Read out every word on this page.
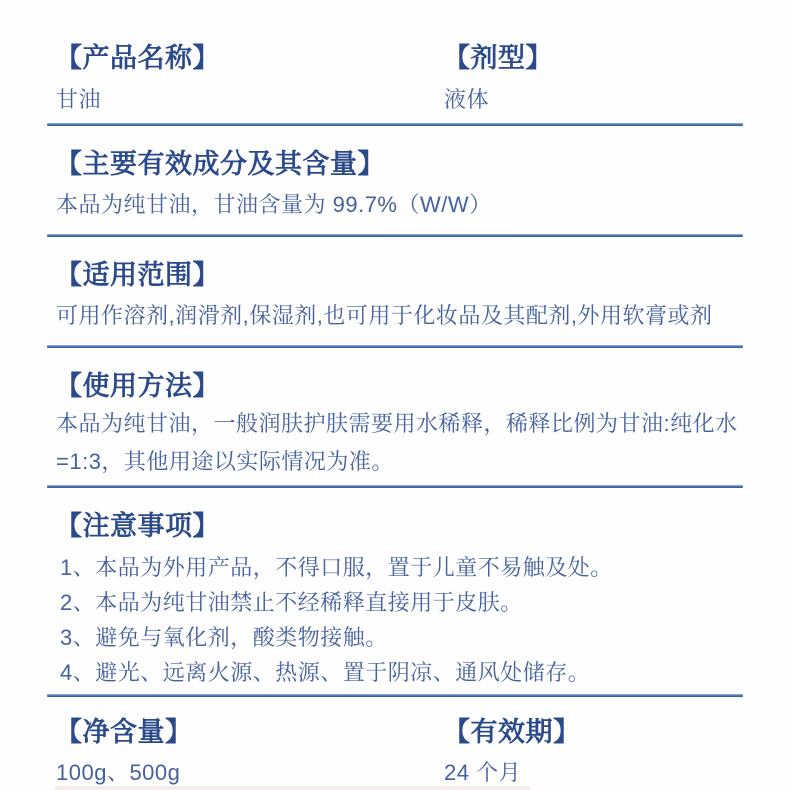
【产品名称】	【剂型】
甘油	液体
【主要有效成分及其含量】
本品为纯甘油，甘油含量为 99.7%（W/W）
【适用范围】
可用作溶剂,润滑剂,保湿剂,也可用于化妆品及其配剂,外用软膏或剂
【使用方法】
本品为纯甘油，一般润肤护肤需要用水稀释，稀释比例为甘油:纯化水=1:3，其他用途以实际情况为准。
【注意事项】
1、本品为外用产品，不得口服，置于儿童不易触及处。
2、本品为纯甘油禁止不经稀释直接用于皮肤。
3、避免与氧化剂，酸类物接触。
4、避光、远离火源、热源、置于阴凉、通风处储存。
【净含量】	【有效期】
100g、500g	24 个月
